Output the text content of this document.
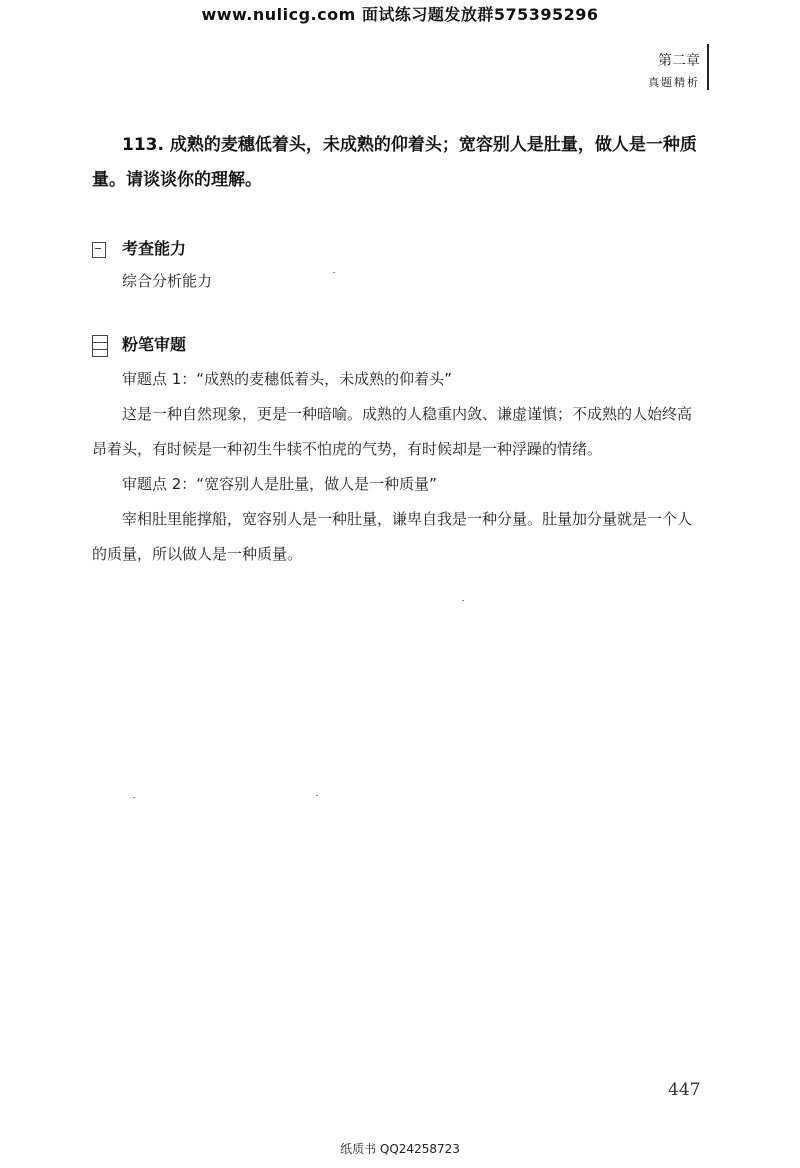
www.nulicg.com 面试练习题发放群575395296
第二章
真题精析
113. 成熟的麦穗低着头，未成熟的仰着头；宽容别人是肚量，做人是一种质量。请谈谈你的理解。
考查能力
综合分析能力
粉笔审题
审题点 1：“成熟的麦穗低着头，未成熟的仰着头”
这是一种自然现象，更是一种暗喻。成熟的人稳重内敛、谦虚谨慎；不成熟的人始终高昂着头，有时候是一种初生牛犊不怕虎的气势，有时候却是一种浮躁的情绪。
审题点 2：“宽容别人是肚量，做人是一种质量”
宰相肚里能撑船，宽容别人是一种肚量，谦卑自我是一种分量。肚量加分量就是一个人的质量，所以做人是一种质量。
447
纸质书 QQ24258723
